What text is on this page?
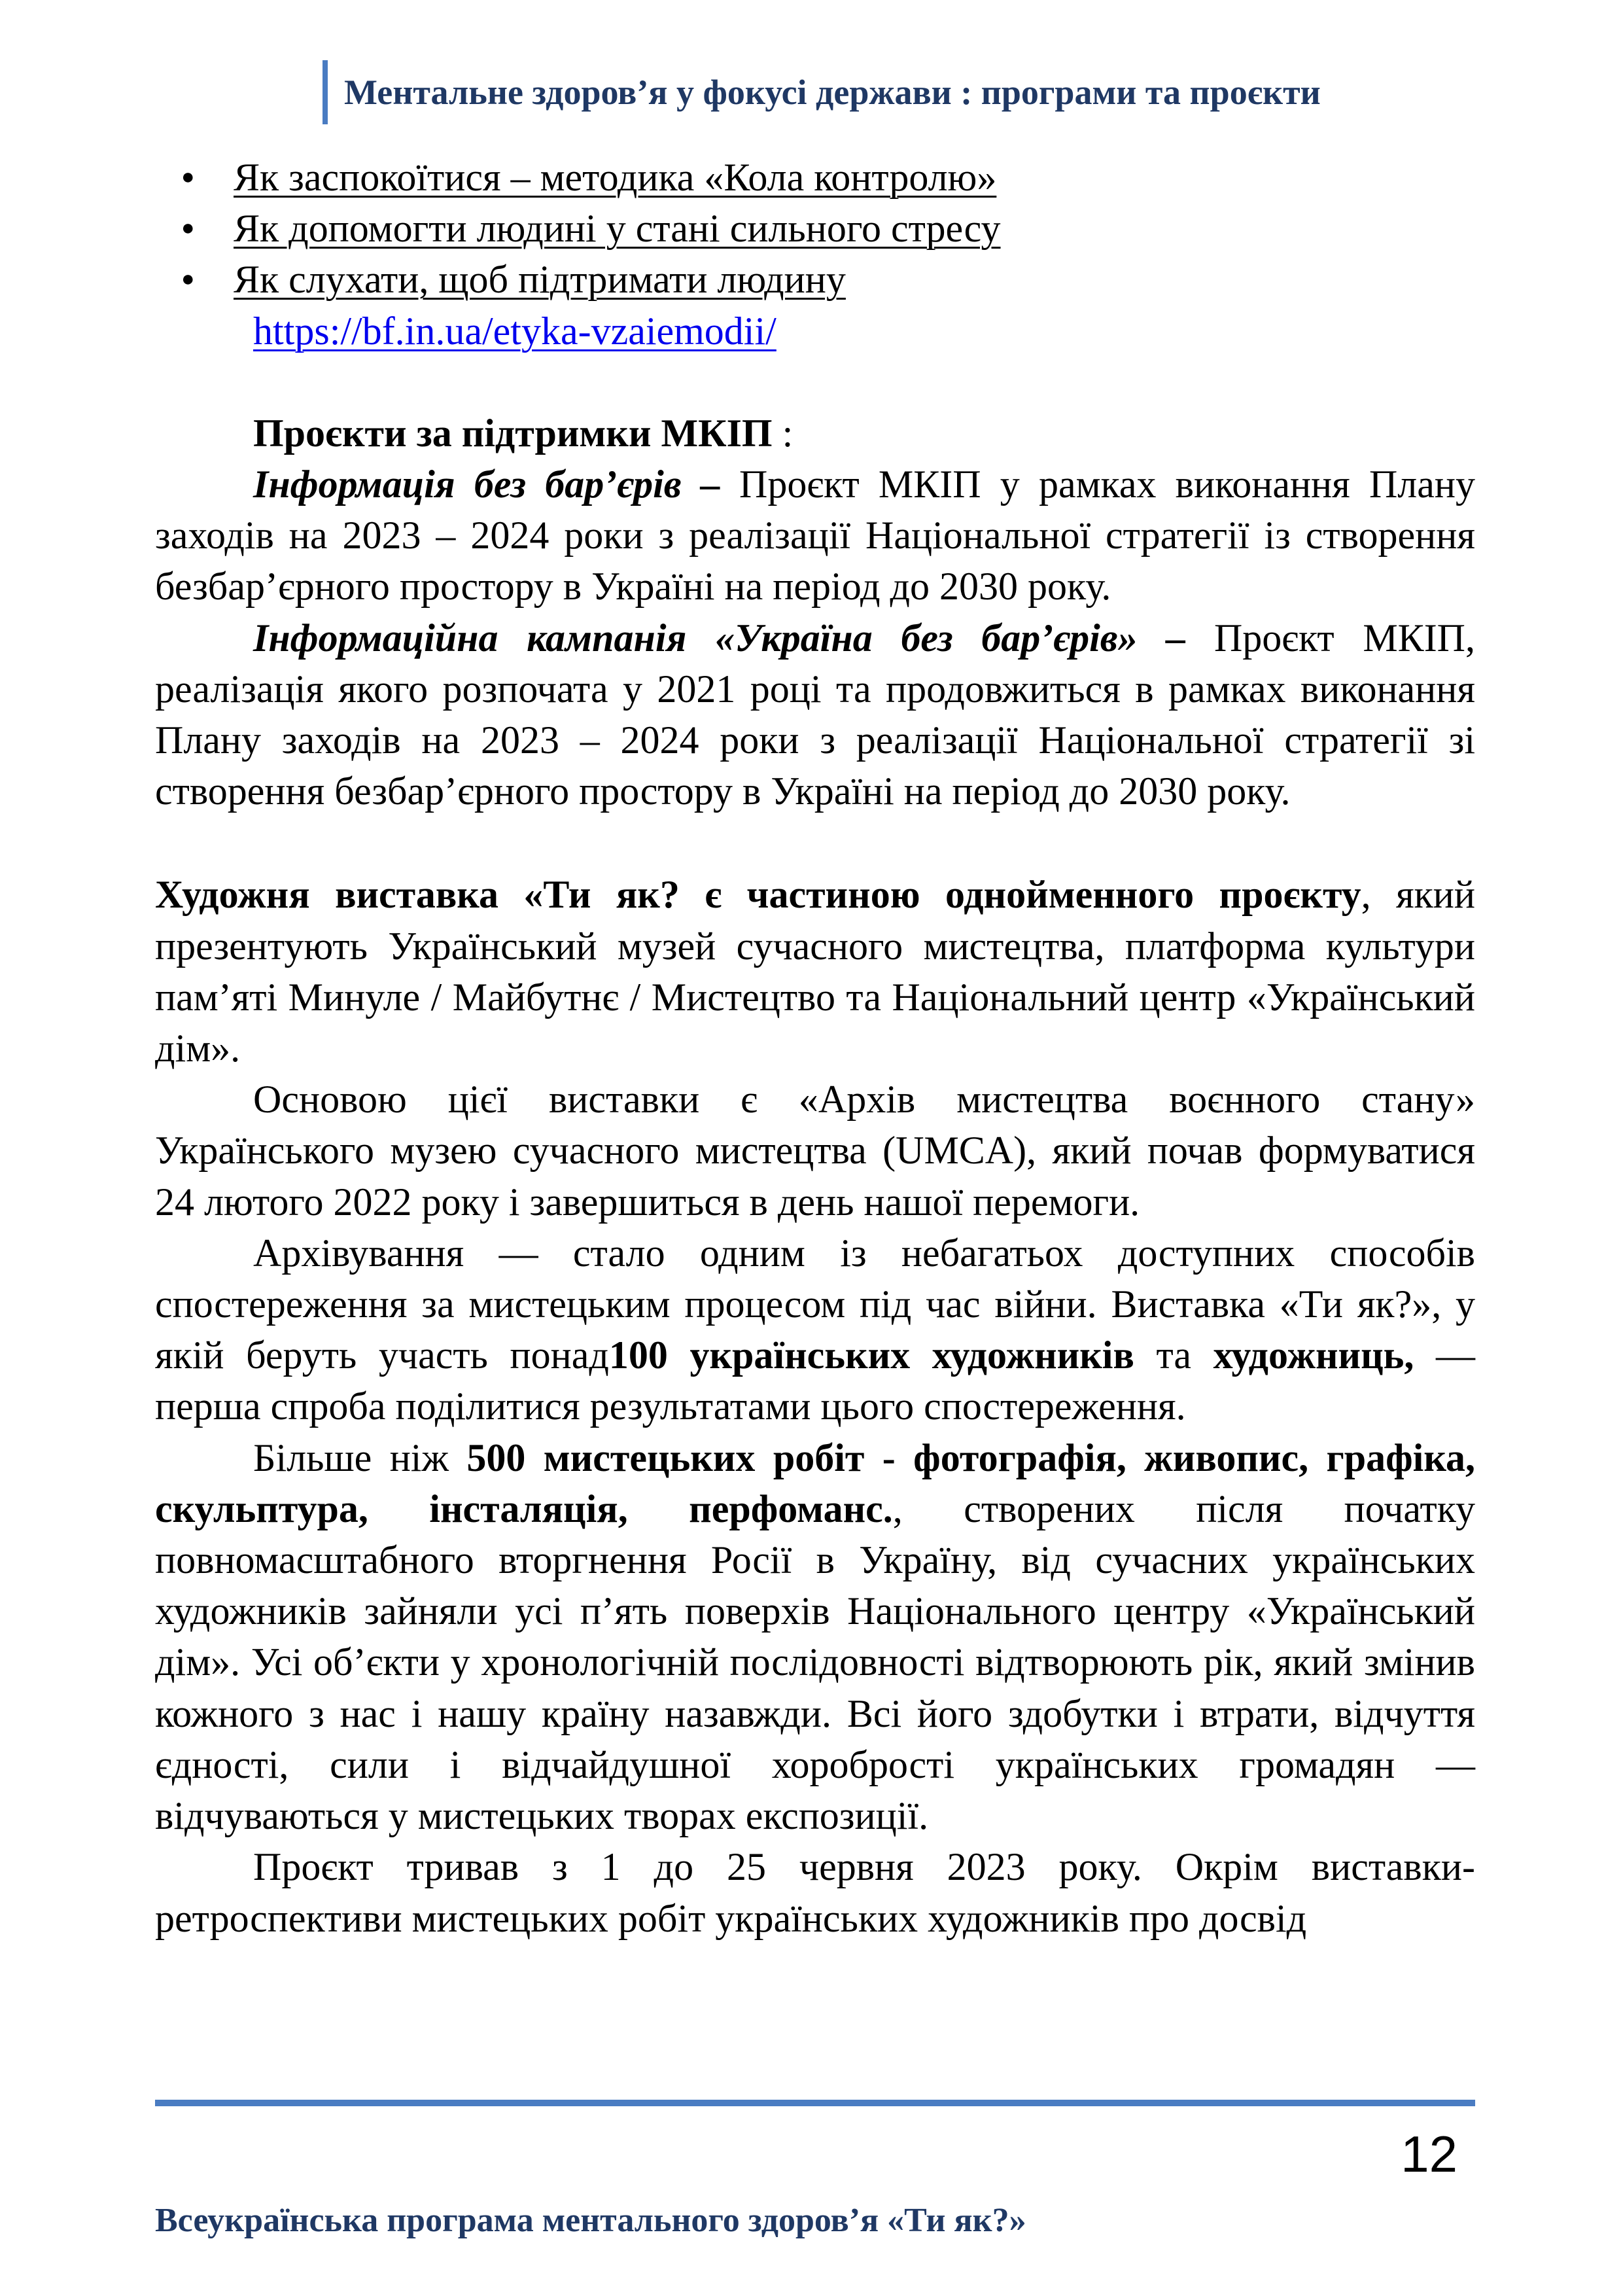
Ментальне здоров’я у фокусі держави : програми та проєкти
● Як заспокоїтися – методика «Кола контролю»
● Як допомогти людині у стані сильного стресу
● Як слухати, щоб підтримати людину
https://bf.in.ua/etyka-vzaiemodii/

Проєкти за підтримки МКІП :

Інформація без бар’єрів – Проєкт МКІП у рамках виконання Плану заходів на 2023 – 2024 роки з реалізації Національної стратегії із створення безбар’єрного простору в Україні на період до 2030 року.

Інформаційна кампанія «Україна без бар’єрів» – Проєкт МКІП, реалізація якого розпочата у 2021 році та продовжиться в рамках виконання Плану заходів на 2023 – 2024 роки з реалізації Національної стратегії зі створення безбар’єрного простору в Україні на період до 2030 року.

Художня виставка «Ти як? є частиною однойменного проєкту, який презентують Український музей сучасного мистецтва, платформа культури пам’яті Минуле / Майбутнє / Мистецтво та Національний центр «Український дім».

Основою цієї виставки є «Архів мистецтва воєнного стану» Українського музею сучасного мистецтва (UMCA), який почав формуватися 24 лютого 2022 року і завершиться в день нашої перемоги.

Архівування — стало одним із небагатьох доступних способів спостереження за мистецьким процесом під час війни. Виставка «Ти як?», у якій беруть участь понад100 українських художників та художниць, — перша спроба поділитися результатами цього спостереження.

Більше ніж 500 мистецьких робіт - фотографія, живопис, графіка, скульптура, інсталяція, перфоманс., створених після початку повномасштабного вторгнення Росії в Україну, від сучасних українських художників зайняли усі п’ять поверхів Національного центру «Український дім». Усі об’єкти у хронологічній послідовності відтворюють рік, який змінив кожного з нас і нашу країну назавжди. Всі його здобутки і втрати, відчуття єдності, сили і відчайдушної хоробрості українських громадян — відчуваються у мистецьких творах експозиції.

Проєкт тривав з 1 до 25 червня 2023 року. Окрім виставки-ретроспективи мистецьких робіт українських художників про досвід

12
Всеукраїнська програма ментального здоров’я «Ти як?»
